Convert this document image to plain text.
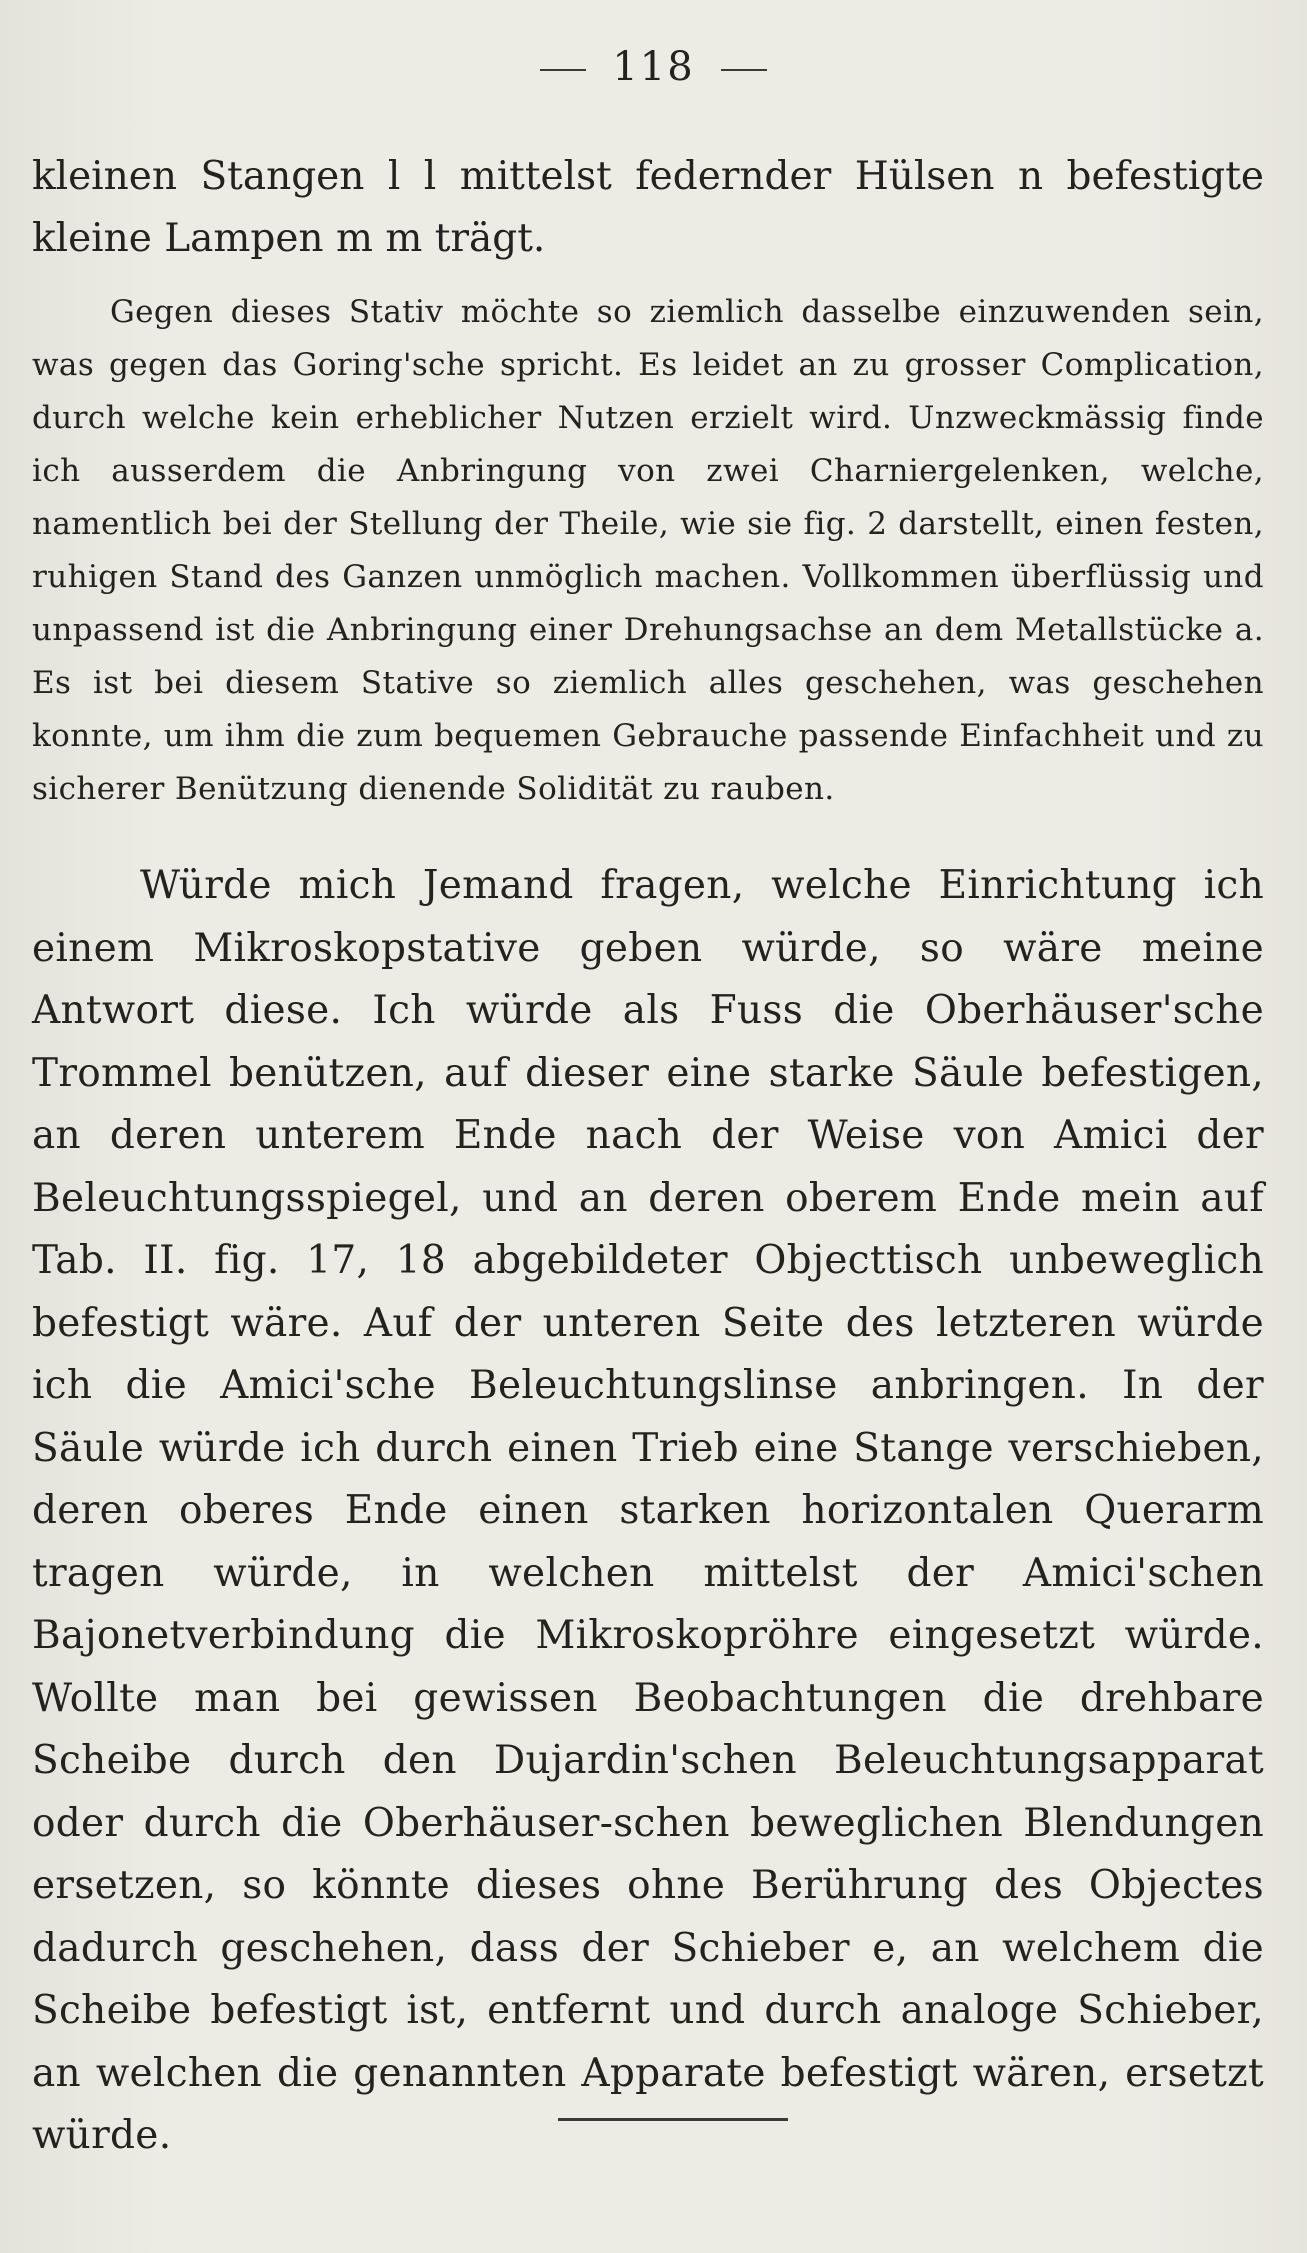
118

kleinen Stangen l l mittelst federnder Hülsen n befestigte kleine Lampen m m trägt.

Gegen dieses Stativ möchte so ziemlich dasselbe einzuwenden sein, was gegen das Goring'sche spricht. Es leidet an zu grosser Complication, durch welche kein erheblicher Nutzen erzielt wird. Unzweckmässig finde ich ausserdem die Anbringung von zwei Charniergelenken, welche, namentlich bei der Stellung der Theile, wie sie fig. 2 darstellt, einen festen, ruhigen Stand des Ganzen unmöglich machen. Vollkommen überflüssig und unpassend ist die Anbringung einer Drehungsachse an dem Metallstücke a. Es ist bei diesem Stative so ziemlich alles geschehen, was geschehen konnte, um ihm die zum bequemen Gebrauche passende Einfachheit und zu sicherer Benützung dienende Solidität zu rauben.

Würde mich Jemand fragen, welche Einrichtung ich einem Mikroskopstative geben würde, so wäre meine Antwort diese. Ich würde als Fuss die Oberhäuser'sche Trommel benützen, auf dieser eine starke Säule befestigen, an deren unterem Ende nach der Weise von Amici der Beleuchtungsspiegel, und an deren oberem Ende mein auf Tab. II. fig. 17, 18 abgebildeter Objecttisch unbeweglich befestigt wäre. Auf der unteren Seite des letzteren würde ich die Amici'sche Beleuchtungslinse anbringen. In der Säule würde ich durch einen Trieb eine Stange verschieben, deren oberes Ende einen starken horizontalen Querarm tragen würde, in welchen mittelst der Amici'schen Bajonetverbindung die Mikroskopröhre eingesetzt würde. Wollte man bei gewissen Beobachtungen die drehbare Scheibe durch den Dujardin'schen Beleuchtungsapparat oder durch die Oberhäuser-schen beweglichen Blendungen ersetzen, so könnte dieses ohne Berührung des Objectes dadurch geschehen, dass der Schieber e, an welchem die Scheibe befestigt ist, entfernt und durch analoge Schieber, an welchen die genannten Apparate befestigt wären, ersetzt würde.
